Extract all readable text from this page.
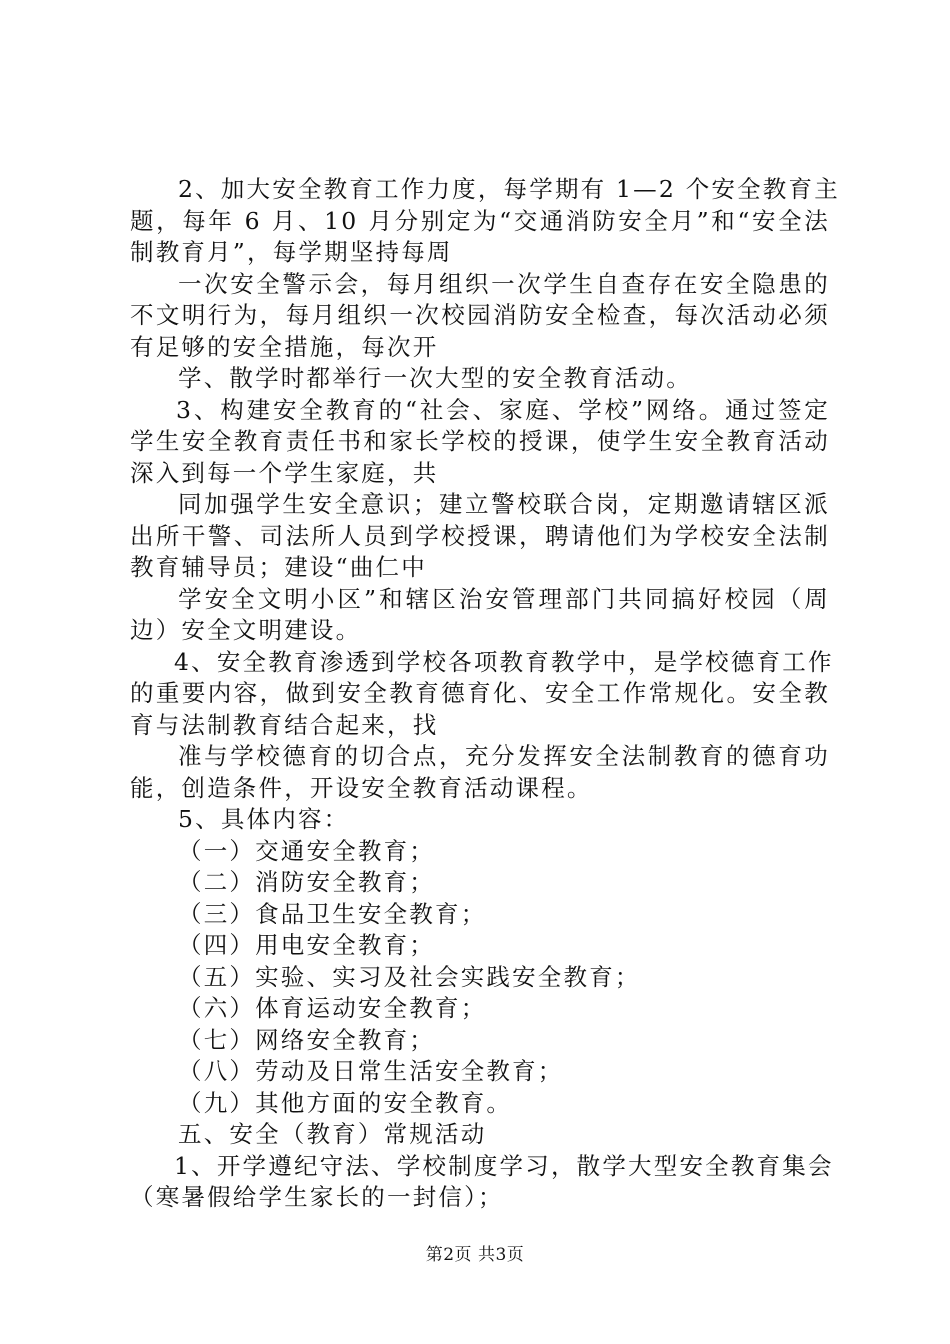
2、加大安全教育工作力度，每学期有 1—2 个安全教育主
题，每年 6 月、10 月分别定为“交通消防安全月”和“安全法
制教育月”，每学期坚持每周
一次安全警示会，每月组织一次学生自查存在安全隐患的
不文明行为，每月组织一次校园消防安全检查，每次活动必须
有足够的安全措施，每次开
学、散学时都举行一次大型的安全教育活动。
3、构建安全教育的“社会、家庭、学校”网络。通过签定
学生安全教育责任书和家长学校的授课，使学生安全教育活动
深入到每一个学生家庭，共
同加强学生安全意识；建立警校联合岗，定期邀请辖区派
出所干警、司法所人员到学校授课，聘请他们为学校安全法制
教育辅导员；建设“曲仁中
学安全文明小区”和辖区治安管理部门共同搞好校园（周
边）安全文明建设。
4、安全教育渗透到学校各项教育教学中，是学校德育工作
的重要内容，做到安全教育德育化、安全工作常规化。安全教
育与法制教育结合起来，找
准与学校德育的切合点，充分发挥安全法制教育的德育功
能，创造条件，开设安全教育活动课程。
5、具体内容：
（一）交通安全教育；
（二）消防安全教育；
（三）食品卫生安全教育；
（四）用电安全教育；
（五）实验、实习及社会实践安全教育；
（六）体育运动安全教育；
（七）网络安全教育；
（八）劳动及日常生活安全教育；
（九）其他方面的安全教育。
五、安全（教育）常规活动
1、开学遵纪守法、学校制度学习，散学大型安全教育集会
（寒暑假给学生家长的一封信）；
第2页 共3页
